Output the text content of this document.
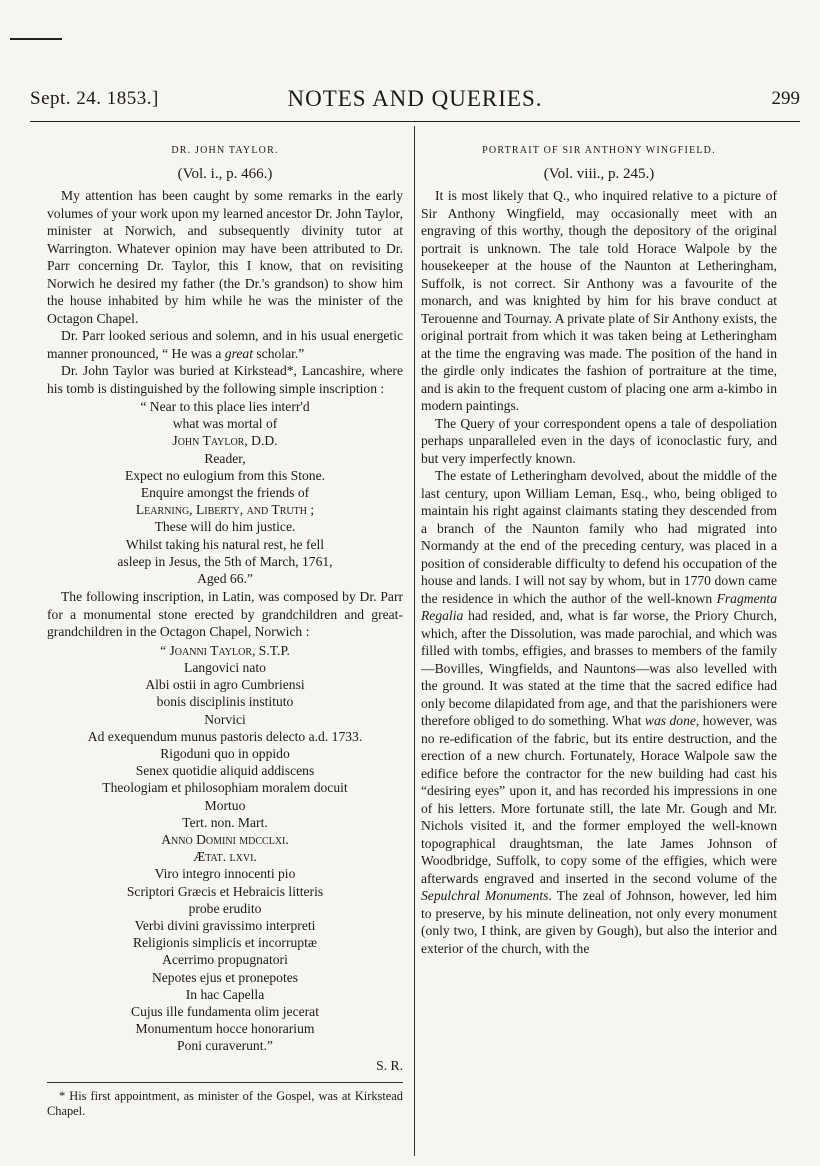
Sept. 24. 1853.]	NOTES AND QUERIES.	299
DR. JOHN TAYLOR.
(Vol. i., p. 466.)

My attention has been caught by some remarks in the early volumes of your work upon my learned ancestor Dr. John Taylor, minister at Norwich, and subsequently divinity tutor at Warrington. Whatever opinion may have been attributed to Dr. Parr concerning Dr. Taylor, this I know, that on revisiting Norwich he desired my father (the Dr.'s grandson) to show him the house inhabited by him while he was the minister of the Octagon Chapel.

Dr. Parr looked serious and solemn, and in his usual energetic manner pronounced, “ He was a great scholar.”

Dr. John Taylor was buried at Kirkstead*, Lancashire, where his tomb is distinguished by the following simple inscription :

“ Near to this place lies interr'd
what was mortal of
John Taylor, D.D.
Reader,
Expect no eulogium from this Stone.
Enquire amongst the friends of
Learning, Liberty, and Truth ;
These will do him justice.
Whilst taking his natural rest, he fell
asleep in Jesus, the 5th of March, 1761,
Aged 66.”

The following inscription, in Latin, was composed by Dr. Parr for a monumental stone erected by grandchildren and great-grandchildren in the Octagon Chapel, Norwich :

“ Joanni Taylor, S.T.P.
Langovici nato
Albi ostii in agro Cumbriensi
bonis disciplinis instituto
Norvici
Ad exequendum munus pastoris delecto a.d. 1733.
Rigoduni quo in oppido
Senex quotidie aliquid addiscens
Theologiam et philosophiam moralem docuit
Mortuo
Tert. non. Mart.
Anno Domini mdcclxi.
Ætat. lxvi.
Viro integro innocenti pio
Scriptori Græcis et Hebraicis litteris
probe erudito
Verbi divini gravissimo interpreti
Religionis simplicis et incorruptæ
Acerrimo propugnatori
Nepotes ejus et pronepotes
In hac Capella
Cujus ille fundamenta olim jecerat
Monumentum hocce honorarium
Poni curaverunt.”
S. R.
* His first appointment, as minister of the Gospel, was at Kirkstead Chapel.
PORTRAIT OF SIR ANTHONY WINGFIELD.
(Vol. viii., p. 245.)

It is most likely that Q., who inquired relative to a picture of Sir Anthony Wingfield, may occasionally meet with an engraving of this worthy, though the depository of the original portrait is unknown. The tale told Horace Walpole by the housekeeper at the house of the Naunton at Letheringham, Suffolk, is not correct. Sir Anthony was a favourite of the monarch, and was knighted by him for his brave conduct at Terouenne and Tournay. A private plate of Sir Anthony exists, the original portrait from which it was taken being at Letheringham at the time the engraving was made. The position of the hand in the girdle only indicates the fashion of portraiture at the time, and is akin to the frequent custom of placing one arm a-kimbo in modern paintings.

The Query of your correspondent opens a tale of despoliation perhaps unparalleled even in the days of iconoclastic fury, and but very imperfectly known.

The estate of Letheringham devolved, about the middle of the last century, upon William Leman, Esq., who, being obliged to maintain his right against claimants stating they descended from a branch of the Naunton family who had migrated into Normandy at the end of the preceding century, was placed in a position of considerable difficulty to defend his occupation of the house and lands. I will not say by whom, but in 1770 down came the residence in which the author of the well-known Fragmenta Regalia had resided, and, what is far worse, the Priory Church, which, after the Dissolution, was made parochial, and which was filled with tombs, effigies, and brasses to members of the family—Bovilles, Wingfields, and Nauntons—was also levelled with the ground. It was stated at the time that the sacred edifice had only become dilapidated from age, and that the parishioners were therefore obliged to do something. What was done, however, was no re-edification of the fabric, but its entire destruction, and the erection of a new church. Fortunately, Horace Walpole saw the edifice before the contractor for the new building had cast his “desiring eyes” upon it, and has recorded his impressions in one of his letters. More fortunate still, the late Mr. Gough and Mr. Nichols visited it, and the former employed the well-known topographical draughtsman, the late James Johnson of Woodbridge, Suffolk, to copy some of the effigies, which were afterwards engraved and inserted in the second volume of the Sepulchral Monuments. The zeal of Johnson, however, led him to preserve, by his minute delineation, not only every monument (only two, I think, are given by Gough), but also the interior and exterior of the church, with the
